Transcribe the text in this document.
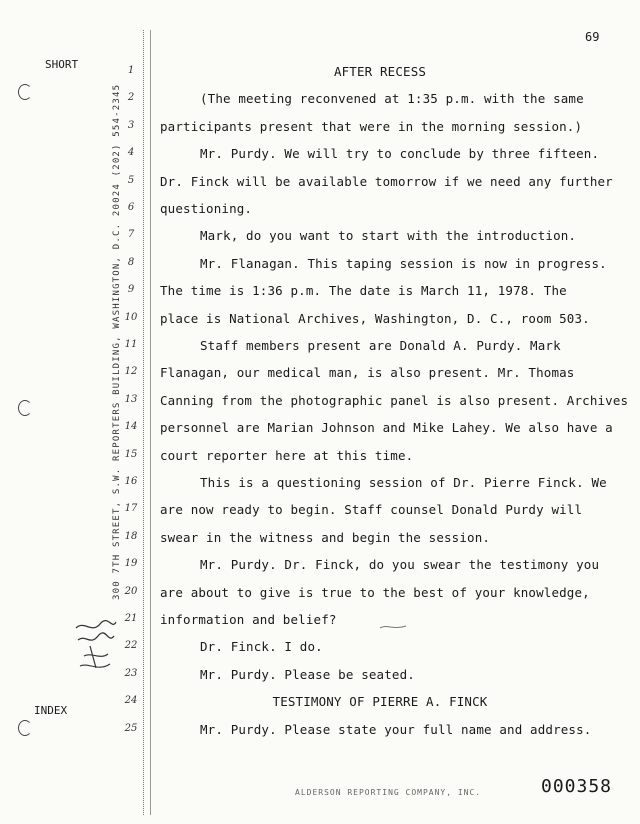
69
SHORT
INDEX
300 7TH STREET, S.W. REPORTERS BUILDING, WASHINGTON, D.C. 20024 (202) 554-2345
1	AFTER RECESS
2	(The meeting reconvened at 1:35 p.m. with the same
3	participants present that were in the morning session.)
4	Mr. Purdy. We will try to conclude by three fifteen.
5	Dr. Finck will be available tomorrow if we need any further
6	questioning.
7	Mark, do you want to start with the introduction.
8	Mr. Flanagan. This taping session is now in progress.
9	The time is 1:36 p.m. The date is March 11, 1978. The
10 place is National Archives, Washington, D. C., room 503.
11	Staff members present are Donald A. Purdy. Mark
12 Flanagan, our medical man, is also present. Mr. Thomas
13 Canning from the photographic panel is also present. Archives
14 personnel are Marian Johnson and Mike Lahey. We also have a
15 court reporter here at this time.
16	This is a questioning session of Dr. Pierre Finck. We
17 are now ready to begin. Staff counsel Donald Purdy will
18 swear in the witness and begin the session.
19	Mr. Purdy. Dr. Finck, do you swear the testimony you
20 are about to give is true to the best of your knowledge,
21 information and belief?
22	Dr. Finck. I do.
23	Mr. Purdy. Please be seated.
24	TESTIMONY OF PIERRE A. FINCK
25	Mr. Purdy. Please state your full name and address.
ALDERSON REPORTING COMPANY, INC.	000358
